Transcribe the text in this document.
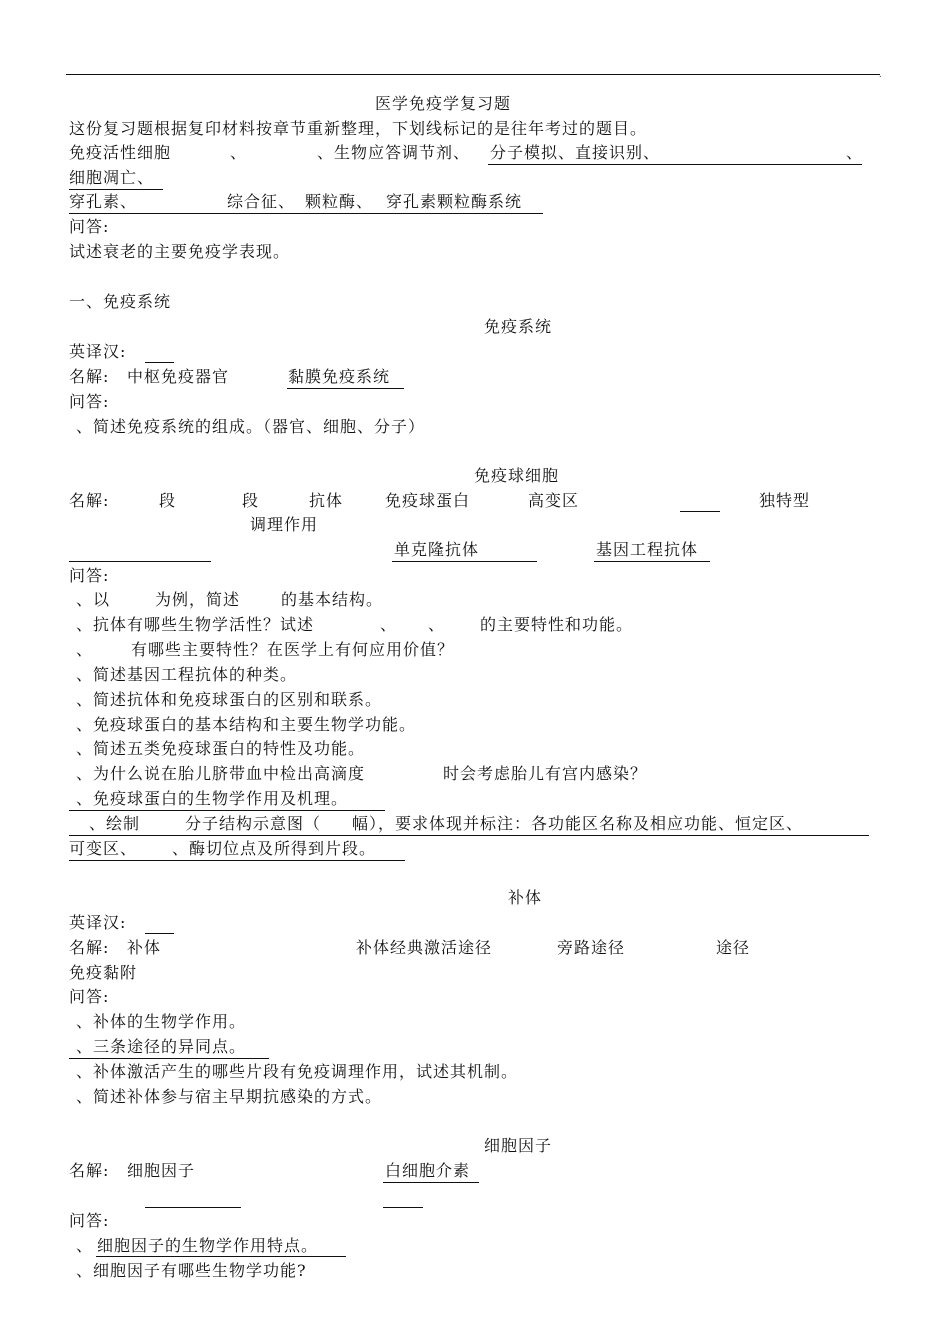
.
医学免疫学复习题
这份复习题根据复印材料按章节重新整理，下划线标记的是往年考过的题目。
免疫活性细胞	、	、生物应答调节剂、 分子模拟、直接识别、	、
细胞凋亡、
穿孔素、	综合征、 颗粒酶、 穿孔素颗粒酶系统
问答:
试述衰老的主要免疫学表现。
一、免疫系统
免疫系统
英译汉:
名解: 中枢免疫器官	黏膜免疫系统
问答:
、简述免疫系统的组成。（器官、细胞、分子）
免疫球细胞
名解:	段	段	抗体	免疫球蛋白	高变区	独特型
调理作用
单克隆抗体	基因工程抗体
问答:
、以	为例，简述	的基本结构。
、抗体有哪些生物学活性？试述	、 、 的主要特性和功能。
、 有哪些主要特性？在医学上有何应用价值？
、简述基因工程抗体的种类。
、简述抗体和免疫球蛋白的区别和联系。
、免疫球蛋白的基本结构和主要生物学功能。
、简述五类免疫球蛋白的特性及功能。
、为什么说在胎儿脐带血中检出高滴度	时会考虑胎儿有宫内感染？
、免疫球蛋白的生物学作用及机理。
、绘制	分子结构示意图（ 幅），要求体现并标注：各功能区名称及相应功能、恒定区、
可变区、 、酶切位点及所得到片段。
补体
英译汉:
名解: 补体	补体经典激活途径	旁路途径	途径
免疫黏附
问答:
、补体的生物学作用。
、三条途径的异同点。
、补体激活产生的哪些片段有免疫调理作用，试述其机制。
、简述补体参与宿主早期抗感染的方式。
细胞因子
名解: 细胞因子	白细胞介素
问答:
、 细胞因子的生物学作用特点。
、细胞因子有哪些生物学功能?
